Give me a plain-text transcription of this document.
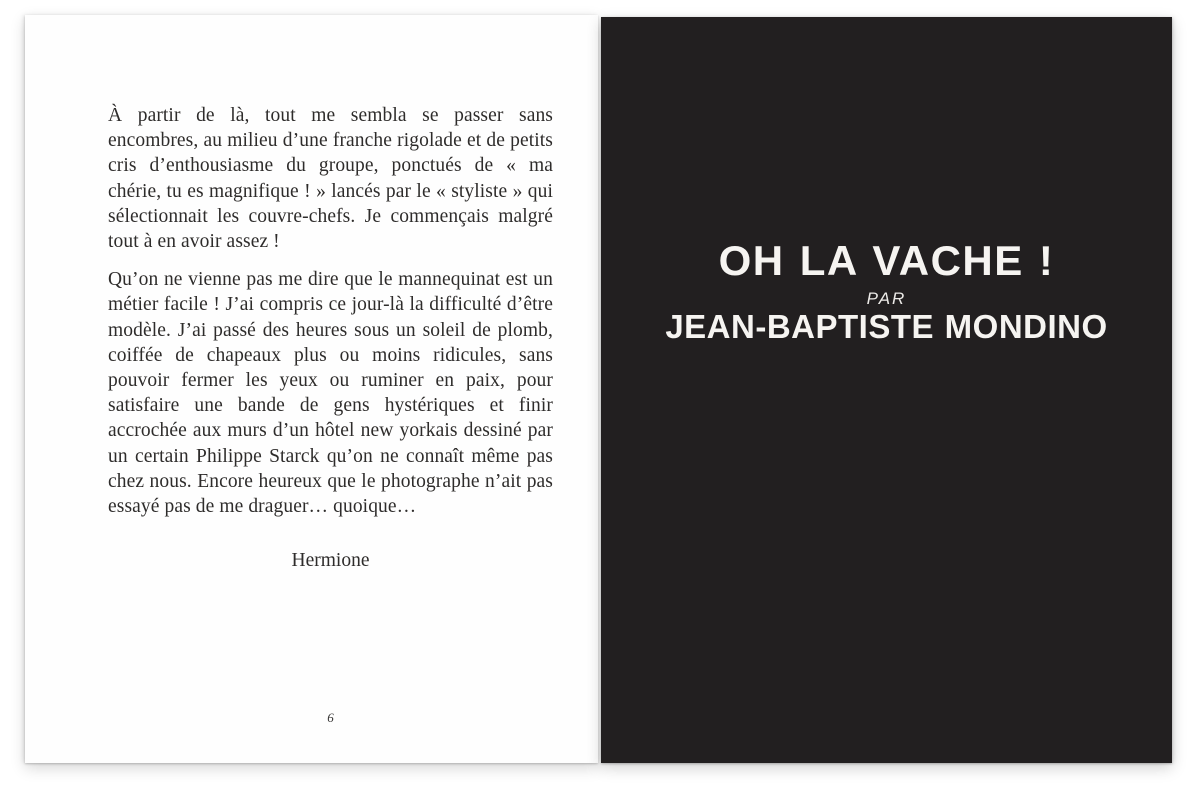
À partir de là, tout me sembla se passer sans encombres, au milieu d’une franche rigolade et de petits cris d’enthousiasme du groupe, ponctués de « ma chérie, tu es magnifique ! » lancés par le « styliste » qui sélectionnait les couvre-chefs. Je commençais malgré tout à en avoir assez !

Qu’on ne vienne pas me dire que le mannequinat est un métier facile ! J’ai compris ce jour-là la difficulté d’être modèle. J’ai passé des heures sous un soleil de plomb, coiffée de chapeaux plus ou moins ridicules, sans pouvoir fermer les yeux ou ruminer en paix, pour satisfaire une bande de gens hystériques et finir accrochée aux murs d’un hôtel new yorkais dessiné par un certain Philippe Starck qu’on ne connaît même pas chez nous. Encore heureux que le photographe n’ait pas essayé pas de me draguer… quoique…

Hermione
6
OH LA VACHE !
PAR
JEAN-BAPTISTE MONDINO
